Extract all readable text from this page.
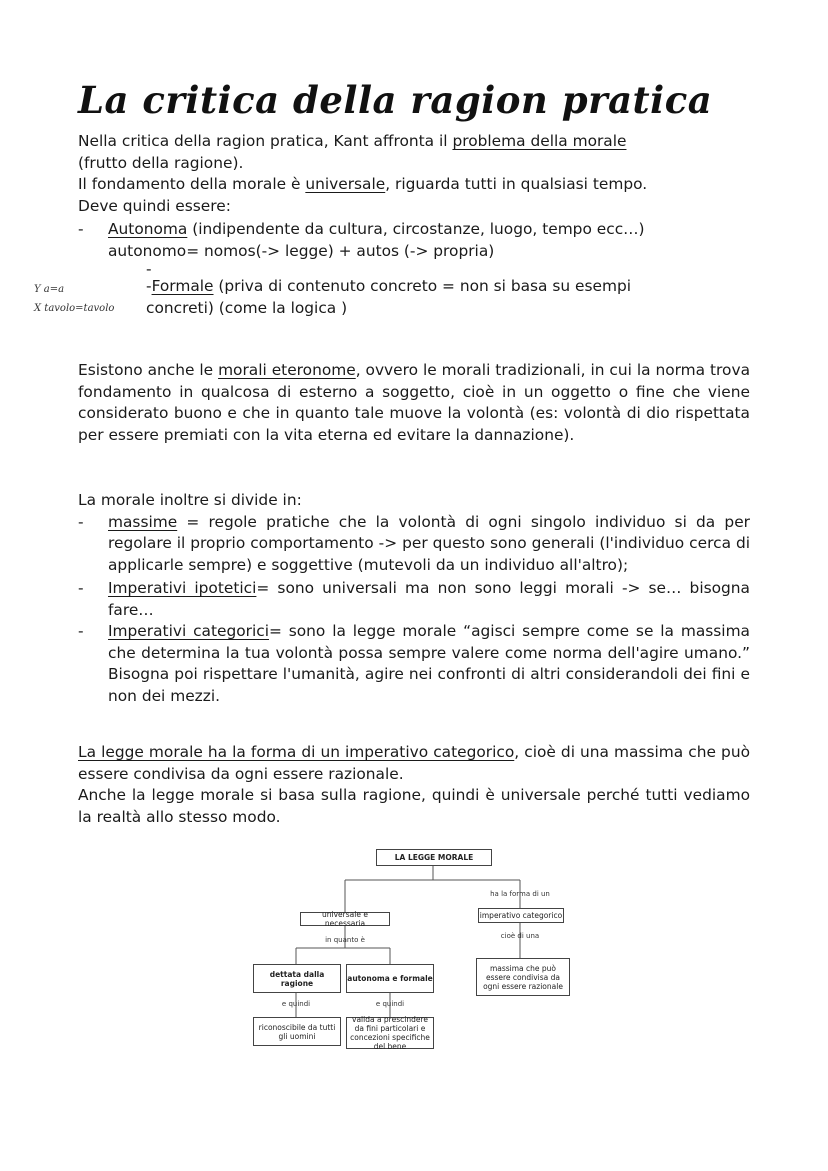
La critica della ragion pratica
Nella critica della ragion pratica, Kant affronta il problema della morale
(frutto della ragione).
Il fondamento della morale è universale, riguarda tutti in qualsiasi tempo.
Deve quindi essere:
- Autonoma (indipendente da cultura, circostanze, luogo, tempo ecc…)
autonomo= nomos(-> legge) + autos (-> propria)
-
-Formale (priva di contenuto concreto = non si basa su esempi
concreti) (come la logica )
Y a=a
X tavolo=tavolo
Esistono anche le morali eteronome, ovvero le morali tradizionali, in cui la norma trova fondamento in qualcosa di esterno a soggetto, cioè in un oggetto o fine che viene considerato buono e che in quanto tale muove la volontà (es: volontà di dio rispettata per essere premiati con la vita eterna ed evitare la dannazione).
La morale inoltre si divide in:
- massime = regole pratiche che la volontà di ogni singolo individuo si da per regolare il proprio comportamento -> per questo sono generali (l'individuo cerca di applicarle sempre) e soggettive (mutevoli da un individuo all'altro);
- Imperativi ipotetici= sono universali ma non sono leggi morali -> se… bisogna fare…
- Imperativi categorici= sono la legge morale “agisci sempre come se la massima che determina la tua volontà possa sempre valere come norma dell'agire umano.” Bisogna poi rispettare l'umanità, agire nei confronti di altri considerandoli dei fini e non dei mezzi.
La legge morale ha la forma di un imperativo categorico, cioè di una massima che può essere condivisa da ogni essere razionale.
Anche la legge morale si basa sulla ragione, quindi è universale perché tutti vediamo la realtà allo stesso modo.
LA LEGGE MORALE
universale e necessaria
in quanto è
ha la forma di un
imperativo categorico
cioè di una
massima che può essere condivisa da ogni essere razionale
dettata dalla ragione	autonoma e formale
e quindi	e quindi
riconoscibile da tutti gli uomini
valida a prescindere da fini particolari e concezioni specifiche del bene
